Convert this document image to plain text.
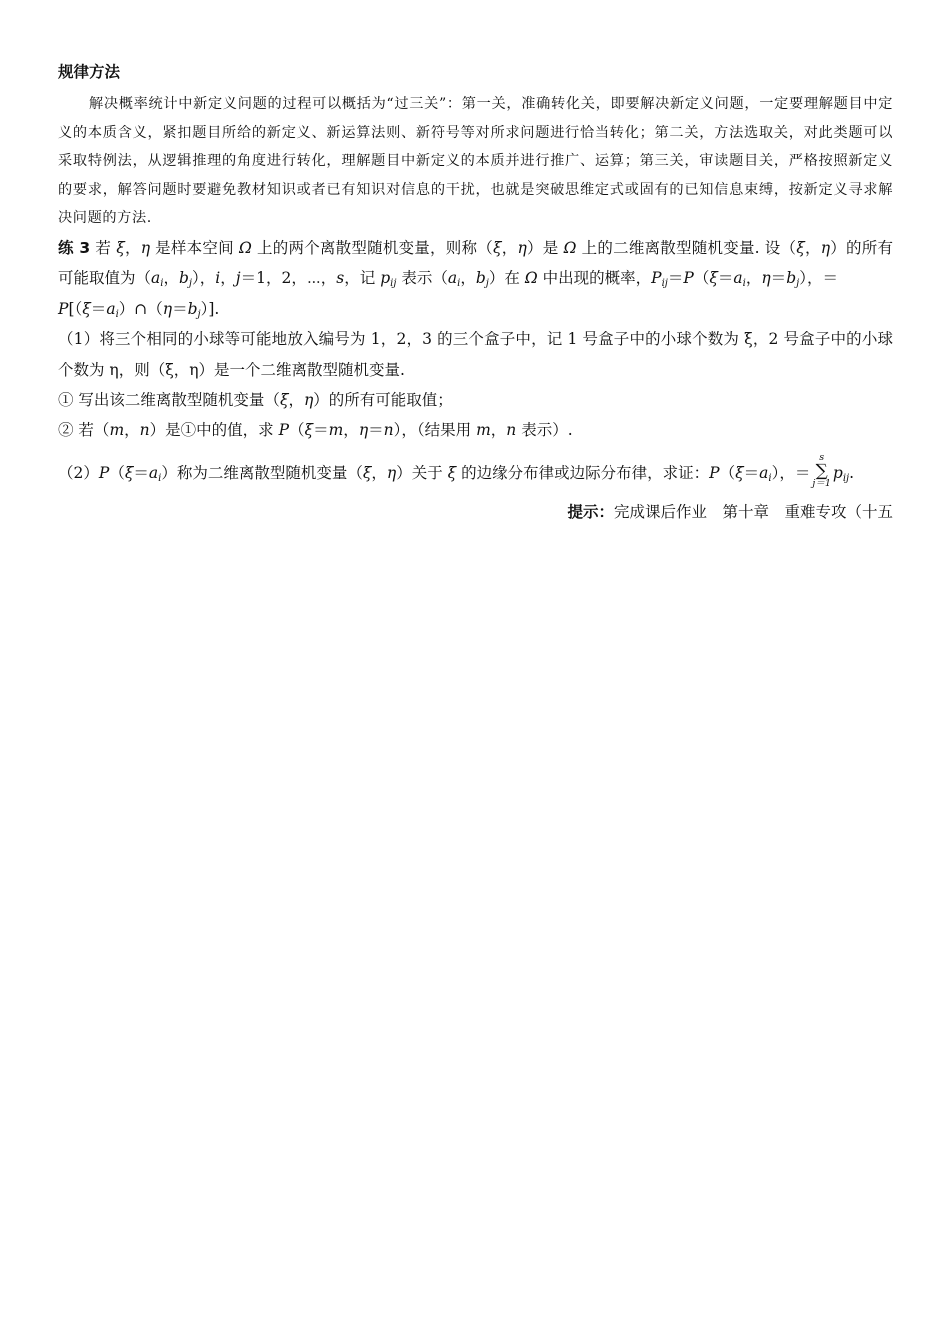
规律方法

解决概率统计中新定义问题的过程可以概括为“过三关”：第一关，准确转化关，即要解决新定义问题，一定要理解题目中定义的本质含义，紧扣题目所给的新定义、新运算法则、新符号等对所求问题进行恰当转化；第二关，方法选取关，对此类题可以采取特例法，从逻辑推理的角度进行转化，理解题目中新定义的本质并进行推广、运算；第三关，审读题目关，严格按照新定义的要求，解答问题时要避免教材知识或者已有知识对信息的干扰，也就是突破思维定式或固有的已知信息束缚，按新定义寻求解决问题的方法.

练 3 若 ξ，η 是样本空间 Ω 上的两个离散型随机变量，则称（ξ，η）是 Ω 上的二维离散型随机变量. 设（ξ，η）的所有可能取值为（$a_i$，$b_j$），i，j＝1，2，⋯，s，记 $p_{ij}$ 表示（$a_i$，$b_j$）在 Ω 中出现的概率，$P_{ij}=P(\xi=a_i$，$\eta=b_j$），＝
$P[(\xi=a_i)\cap(\eta=b_j)]$.

（1）将三个相同的小球等可能地放入编号为 1，2，3 的三个盒子中，记 1 号盒子中的小球个数为 ξ，2 号盒子中的小球个数为 η，则（ξ，η）是一个二维离散型随机变量.

① 写出该二维离散型随机变量（ξ，η）的所有可能取值；

② 若（m，n）是①中的值，求 P（ξ＝m，η＝n），（结果用 m，n 表示）.

$(2)P(\xi=a_i)$称为二维离散型随机变量（ξ，η）关于 ξ 的边缘分布律或边际分布律，求证：$P(\xi=a_i)$，＝
s
∑
j＝1
$p_{ij}$.

提示：完成课后作业　第十章　重难专攻（十五
